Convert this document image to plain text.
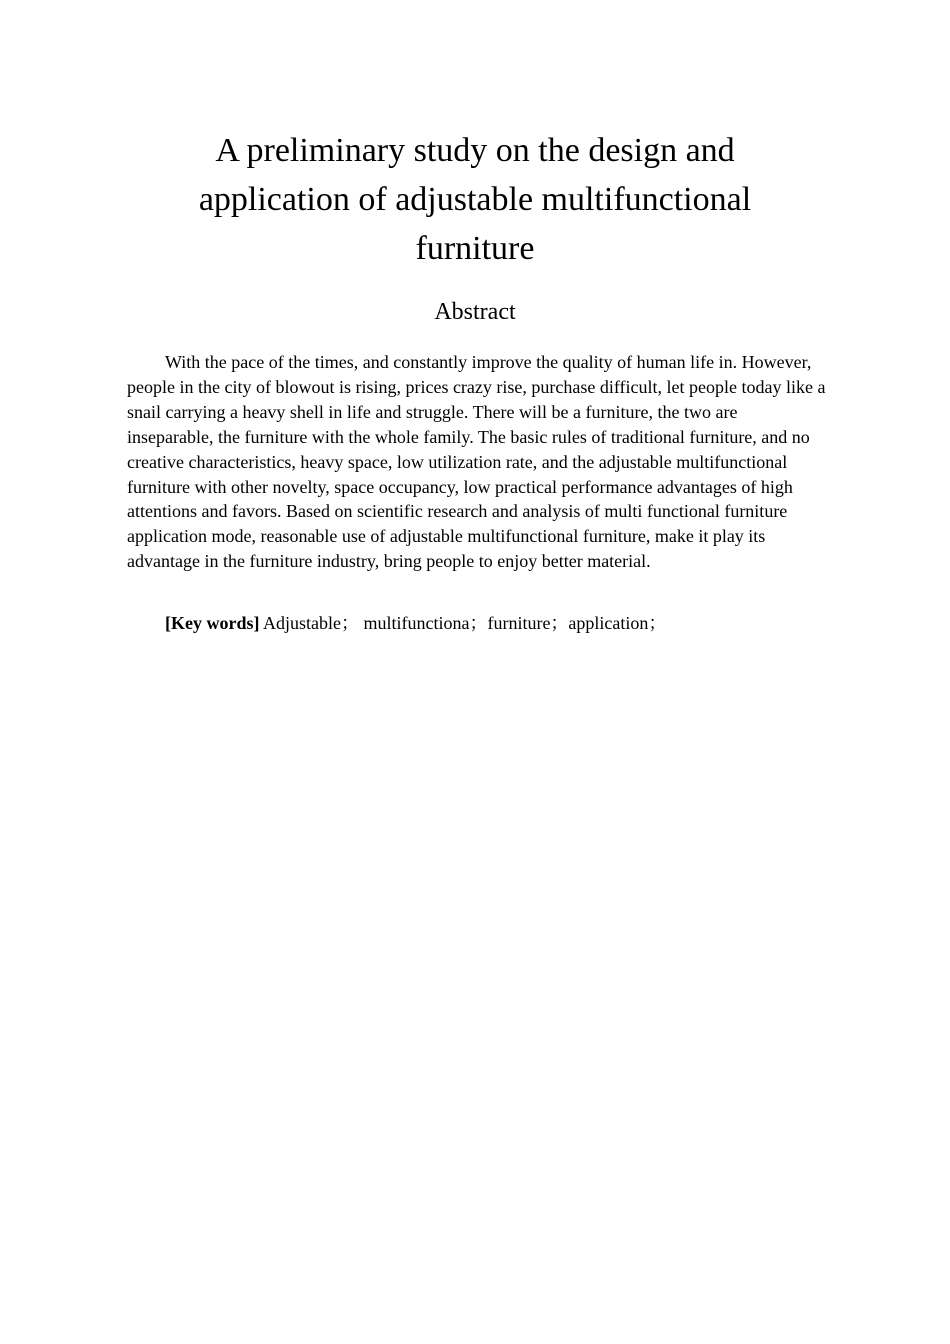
A preliminary study on the design and application of adjustable multifunctional furniture
Abstract

With the pace of the times, and constantly improve the quality of human life in. However, people in the city of blowout is rising, prices crazy rise, purchase difficult, let people today like a snail carrying a heavy shell in life and struggle. There will be a furniture, the two are inseparable, the furniture with the whole family. The basic rules of traditional furniture, and no creative characteristics, heavy space, low utilization rate, and the adjustable multifunctional furniture with other novelty, space occupancy, low practical performance advantages of high attentions and favors. Based on scientific research and analysis of multi functional furniture application mode, reasonable use of adjustable multifunctional furniture, make it play its advantage in the furniture industry, bring people to enjoy better material.

[Key words] Adjustable； multifunctiona；furniture；application；
